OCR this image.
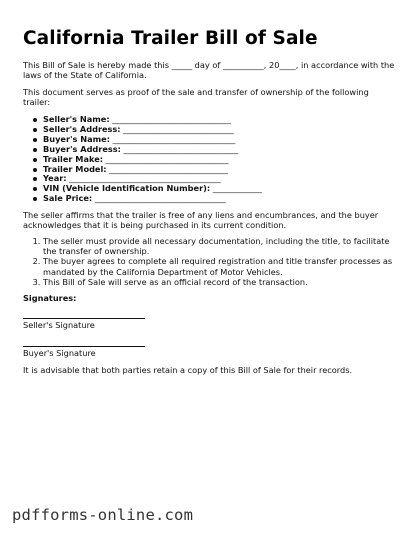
California Trailer Bill of Sale

This Bill of Sale is hereby made this _____ day of __________, 20____, in accordance with the laws of the State of California.

This document serves as proof of the sale and transfer of ownership of the following trailer:

Seller's Name: _____________________________
Seller's Address: ___________________________
Buyer's Name: ______________________________
Buyer's Address: ____________________________
Trailer Make: ______________________________
Trailer Model: _____________________________
Year: _____________________________________
VIN (Vehicle Identification Number): ____________
Sale Price: ________________________________

The seller affirms that the trailer is free of any liens and encumbrances, and the buyer acknowledges that it is being purchased in its current condition.

1. The seller must provide all necessary documentation, including the title, to facilitate the transfer of ownership.
2. The buyer agrees to complete all required registration and title transfer processes as mandated by the California Department of Motor Vehicles.
3. This Bill of Sale will serve as an official record of the transaction.

Signatures:

Seller's Signature

Buyer's Signature

It is advisable that both parties retain a copy of this Bill of Sale for their records.

pdfforms-online.com
